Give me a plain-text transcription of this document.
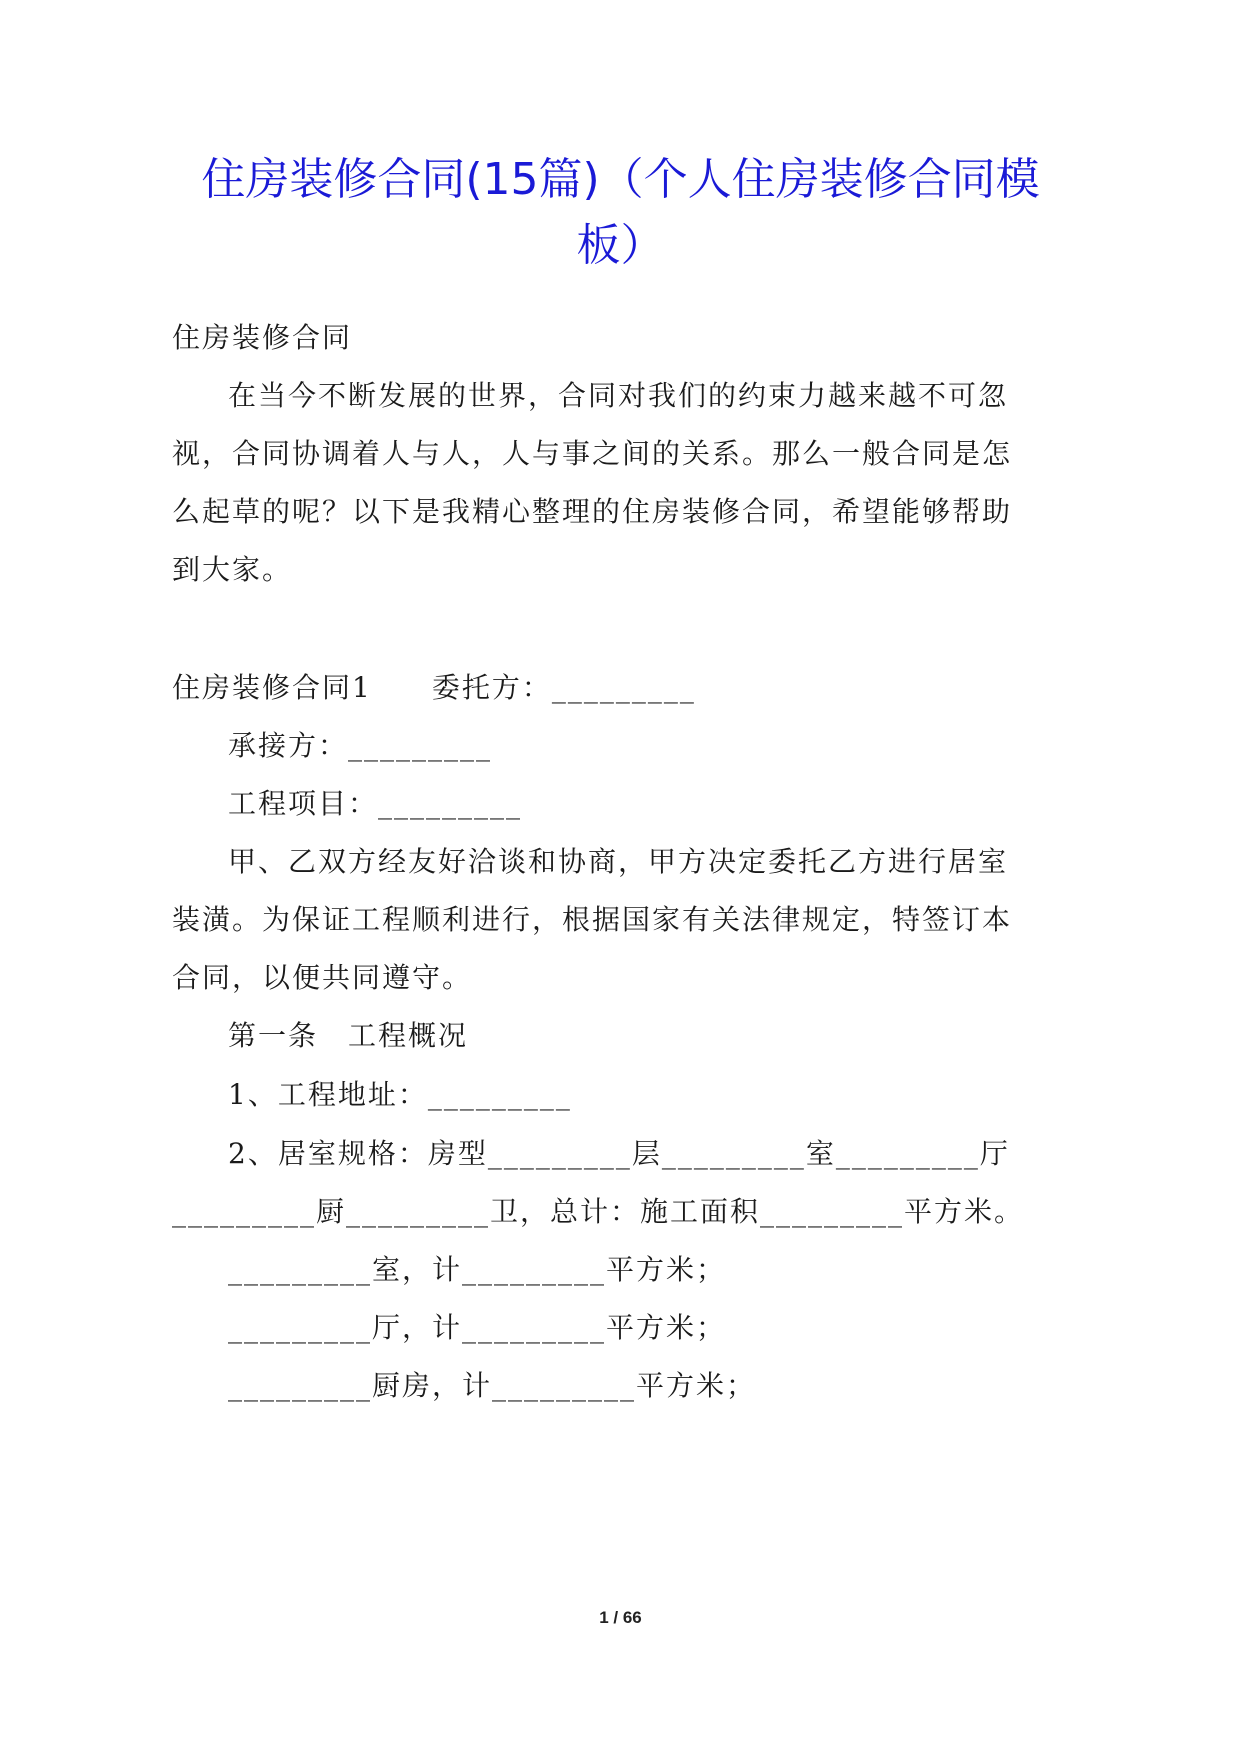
住房装修合同(15篇)（个人住房装修合同模
板）
住房装修合同
在当今不断发展的世界，合同对我们的约束力越来越不可忽
视，合同协调着人与人，人与事之间的关系。那么一般合同是怎
么起草的呢？以下是我精心整理的住房装修合同，希望能够帮助
到大家。
住房装修合同1　　委托方：_________
承接方：_________
工程项目：_________
甲、乙双方经友好洽谈和协商，甲方决定委托乙方进行居室
装潢。为保证工程顺利进行，根据国家有关法律规定，特签订本
合同，以便共同遵守。
第一条　工程概况
1、工程地址：_________
2、居室规格：房型_________层_________室_________厅
_________厨_________卫，总计：施工面积_________平方米。
_________室，计_________平方米；
_________厅，计_________平方米；
_________厨房，计_________平方米；
1 / 66
